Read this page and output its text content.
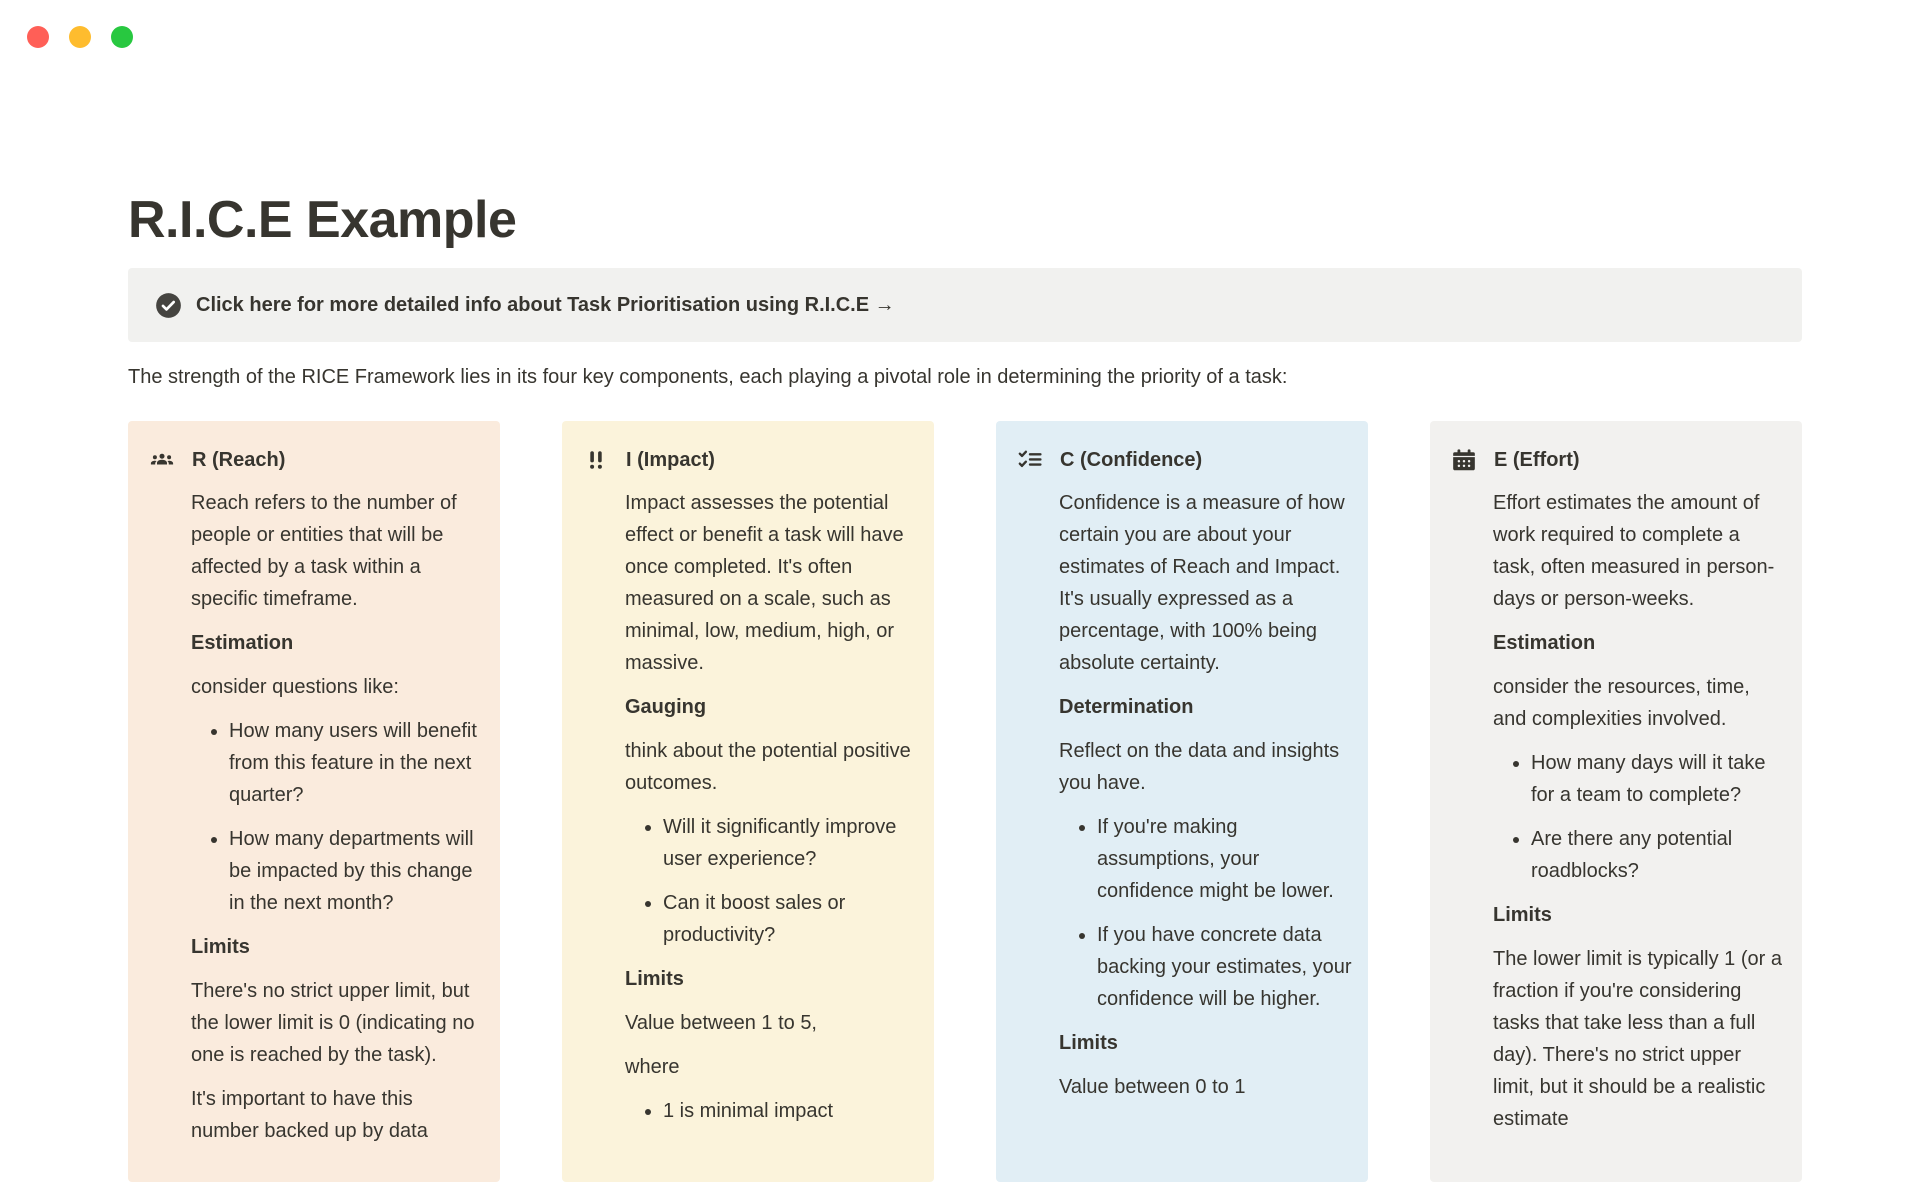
R.I.C.E Example
Click here for more detailed info about Task Prioritisation using R.I.C.E →

The strength of the RICE Framework lies in its four key components, each playing a pivotal role in determining the priority of a task:

R (Reach)

Reach refers to the number of people or entities that will be affected by a task within a specific timeframe.

Estimation

consider questions like:

• How many users will benefit from this feature in the next quarter?
• How many departments will be impacted by this change in the next month?

Limits

There's no strict upper limit, but the lower limit is 0 (indicating no one is reached by the task).

It's important to have this number backed up by data

I (Impact)

Impact assesses the potential effect or benefit a task will have once completed. It's often measured on a scale, such as minimal, low, medium, high, or massive.

Gauging

think about the potential positive outcomes.

• Will it significantly improve user experience?
• Can it boost sales or productivity?

Limits

Value between 1 to 5,

where

• 1 is minimal impact
C (Confidence)

Confidence is a measure of how certain you are about your estimates of Reach and Impact. It's usually expressed as a percentage, with 100% being absolute certainty.

Determination

Reflect on the data and insights you have.

• If you're making assumptions, your confidence might be lower.
• If you have concrete data backing your estimates, your confidence will be higher.

Limits

Value between 0 to 1

E (Effort)

Effort estimates the amount of work required to complete a task, often measured in person-days or person-weeks.

Estimation

consider the resources, time, and complexities involved.

• How many days will it take for a team to complete?
• Are there any potential roadblocks?

Limits

The lower limit is typically 1 (or a fraction if you're considering tasks that take less than a full day). There's no strict upper limit, but it should be a realistic estimate
